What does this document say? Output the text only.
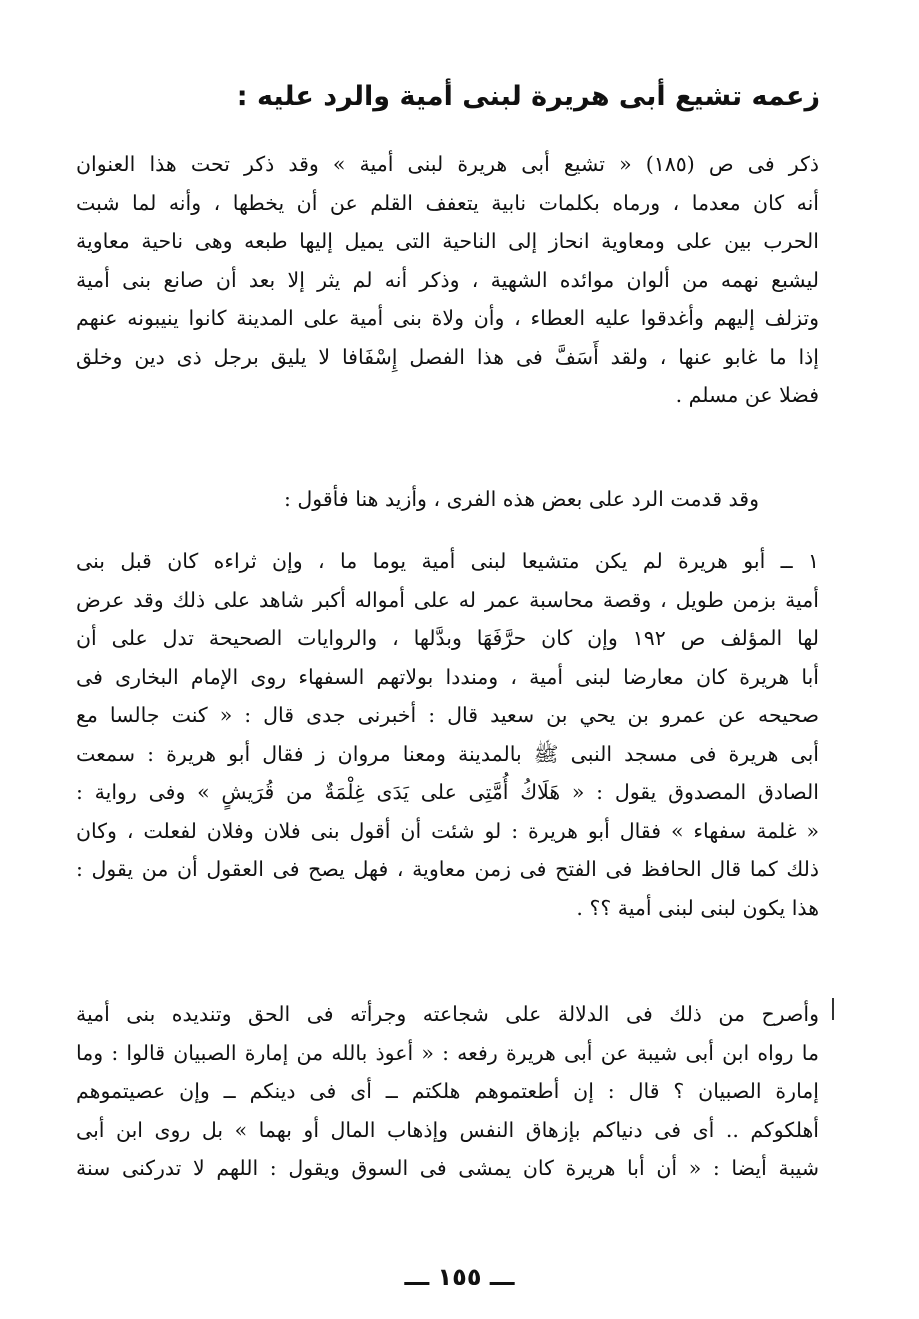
زعمه تشيع أبى هريرة لبنى أمية والرد عليه :
ذكر فى ص (١٨٥) « تشيع أبى هريرة لبنى أمية » وقد ذكر تحت هذا العنوان
أنه كان معدما ، ورماه بكلمات نابية يتعفف القلم عن أن يخطها ، وأنه لما شبت
الحرب بين على ومعاوية انحاز إلى الناحية التى يميل إليها طبعه وهى ناحية معاوية
ليشبع نهمه من ألوان موائده الشهية ، وذكر أنه لم يثر إلا بعد أن صانع بنى أمية
وتزلف إليهم وأغدقوا عليه العطاء ، وأن ولاة بنى أمية على المدينة كانوا ينيبونه عنهم
إذا ما غابو عنها ، ولقد أَسَفَّ فى هذا الفصل إِسْفَافا لا يليق برجل ذى دين وخلق
فضلا عن مسلم .
وقد قدمت الرد على بعض هذه الفرى ، وأزيد هنا فأقول :
١ ــ أبو هريرة لم يكن متشيعا لبنى أمية يوما ما ، وإن ثراءه كان قبل بنى
أمية بزمن طويل ، وقصة محاسبة عمر له على أمواله أكبر شاهد على ذلك وقد عرض
لها المؤلف ص ١٩٢ وإن كان حرَّفَهَا وبدَّلها ، والروايات الصحيحة تدل على أن
أبا هريرة كان معارضا لبنى أمية ، ومنددا بولاتهم السفهاء روى الإمام البخارى فى
صحيحه عن عمرو بن يحي بن سعيد قال : أخبرنى جدى قال : « كنت جالسا مع
أبى هريرة فى مسجد النبى ﷺ بالمدينة ومعنا مروان ز فقال أبو هريرة : سمعت
الصادق المصدوق يقول : « هَلَاكُ أُمَّتِى على يَدَى غِلْمَةٌ من قُرَيشٍ » وفى رواية :
« غلمة سفهاء » فقال أبو هريرة : لو شئت أن أقول بنى فلان وفلان لفعلت ، وكان
ذلك كما قال الحافظ فى الفتح فى زمن معاوية ، فهل يصح فى العقول أن من يقول :
هذا يكون لبنى لبنى أمية ؟؟ .
وأصرح من ذلك فى الدلالة على شجاعته وجرأته فى الحق وتنديده بنى أمية
ما رواه ابن أبى شيبة عن أبى هريرة رفعه : « أعوذ بالله من إمارة الصبيان قالوا : وما
إمارة الصبيان ؟ قال : إن أطعتموهم هلكتم ــ أى فى دينكم ــ وإن عصيتموهم
أهلكوكم .. أى فى دنياكم بإزهاق النفس وإذهاب المال أو بهما » بل روى ابن أبى
شيبة أيضا : « أن أبا هريرة كان يمشى فى السوق ويقول : اللهم لا تدركنى سنة
ـــ ١٥٥ ـــ
